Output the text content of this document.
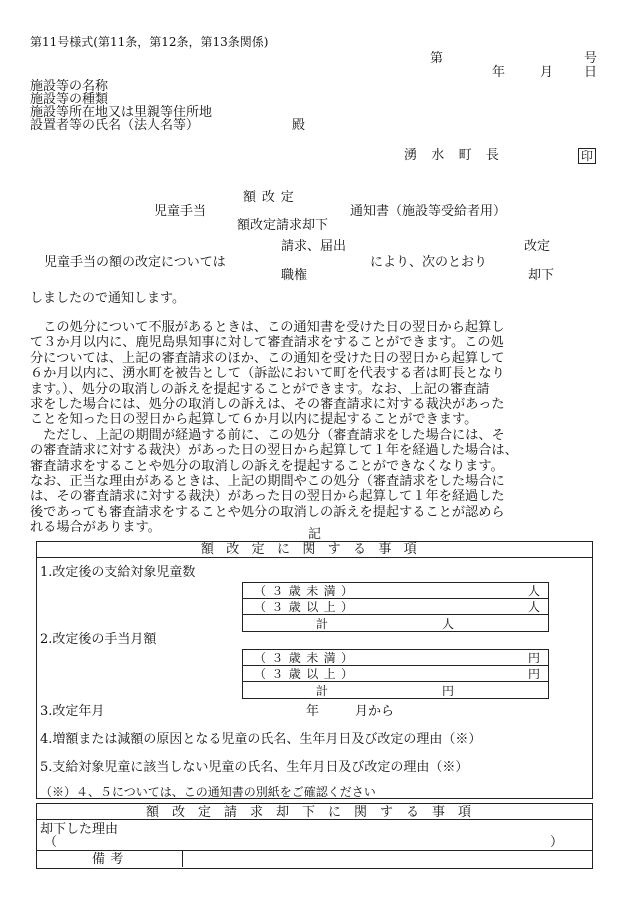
第11号様式(第11条，第12条，第13条関係)
第	号
年	月 日
施設等の名称
施設等の種類
施設等所在地又は里親等住所地
設置者等の氏名（法人名等）	殿
湧水町長	印
額改定
児童手当	通知書（施設等受給者用）
額改定請求却下
請求、届出	改定
児童手当の額の改定については	により、次のとおり
職権	却下
しましたので通知します。
　この処分について不服があるときは、この通知書を受けた日の翌日から起算し
て３か月以内に、鹿児島県知事に対して審査請求をすることができます。この処
分については、上記の審査請求のほか、この通知を受けた日の翌日から起算して
６か月以内に、湧水町を被告として（訴訟において町を代表する者は町長となり
ます。）、処分の取消しの訴えを提起することができます。なお、上記の審査請
求をした場合には、処分の取消しの訴えは、その審査請求に対する裁決があった
ことを知った日の翌日から起算して６か月以内に提起することができます。
　ただし、上記の期間が経過する前に、この処分（審査請求をした場合には、そ
の審査請求に対する裁決）があった日の翌日から起算して１年を経過した場合は、
審査請求をすることや処分の取消しの訴えを提起することができなくなります。
なお、正当な理由があるときは、上記の期間やこの処分（審査請求をした場合に
は、その審査請求に対する裁決）があった日の翌日から起算して１年を経過した
後であっても審査請求をすることや処分の取消しの訴えを提起することが認めら
れる場合があります。	記
額改定に関する事項
1.改定後の支給対象児童数
（３歳未満）	人
（３歳以上）	人
計	人
2.改定後の手当月額
（３歳未満）	円
（３歳以上）	円
計	円
3.改定年月	年	月から
4.増額または減額の原因となる児童の氏名、生年月日及び改定の理由（※）
5.支給対象児童に該当しない児童の氏名、生年月日及び改定の理由（※）
（※）４、５については、この通知書の別紙をご確認ください
額改定請求却下に関する事項
却下した理由
（	）
備考
